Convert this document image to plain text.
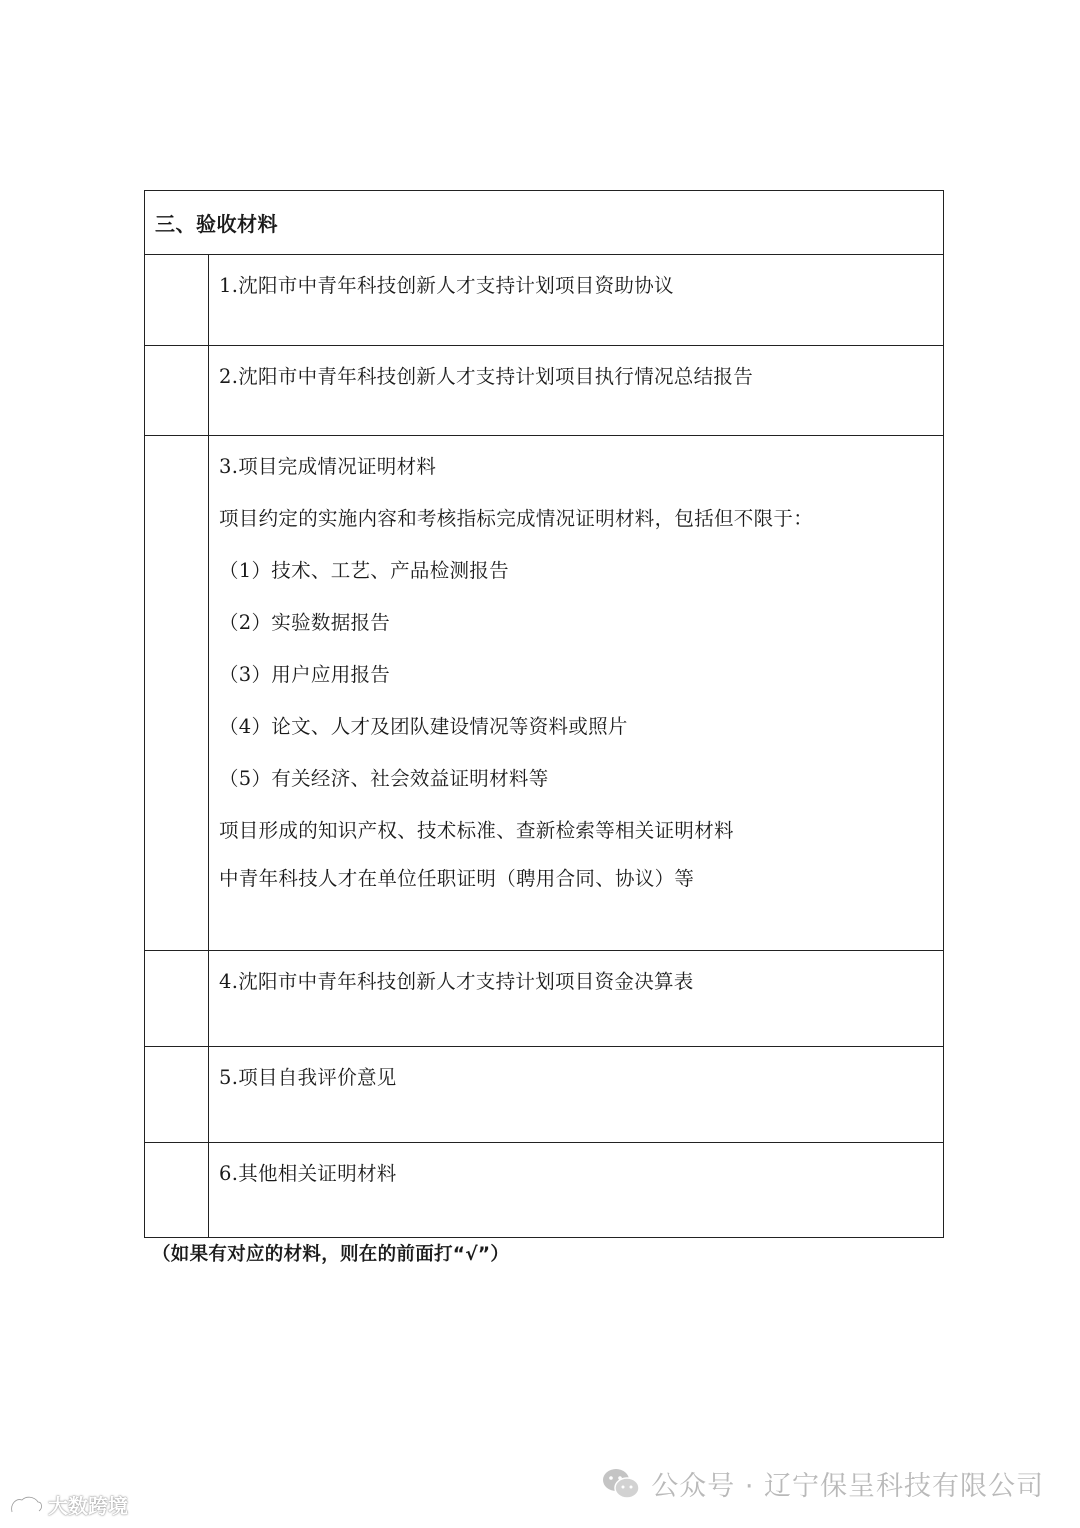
三、验收材料
1.沈阳市中青年科技创新人才支持计划项目资助协议
2.沈阳市中青年科技创新人才支持计划项目执行情况总结报告
3.项目完成情况证明材料
项目约定的实施内容和考核指标完成情况证明材料，包括但不限于：
（1）技术、工艺、产品检测报告
（2）实验数据报告
（3）用户应用报告
（4）论文、人才及团队建设情况等资料或照片
（5）有关经济、社会效益证明材料等
项目形成的知识产权、技术标准、查新检索等相关证明材料
中青年科技人才在单位任职证明（聘用合同、协议）等
4.沈阳市中青年科技创新人才支持计划项目资金决算表
5.项目自我评价意见
6.其他相关证明材料
（如果有对应的材料，则在的前面打“√”）
公众号 · 辽宁保呈科技有限公司
大数跨境
